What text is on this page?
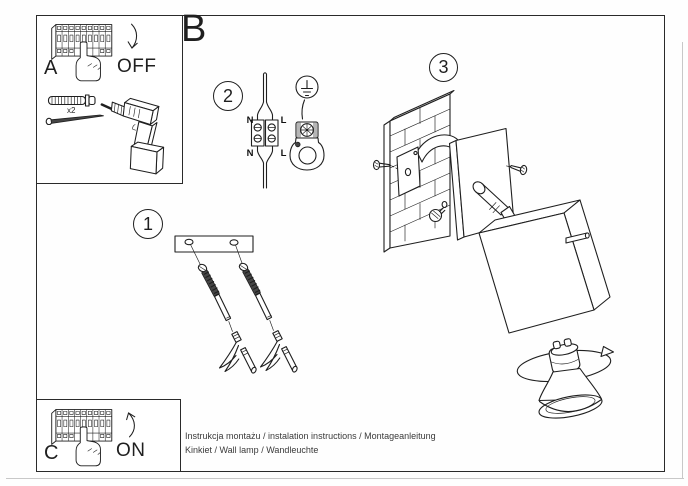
A	OFF
x2
C	ON
B
2
N	L
N	L
1
3
Instrukcja montażu / instalation instructions / Montageanleitung
Kinkiet / Wall lamp / Wandleuchte
